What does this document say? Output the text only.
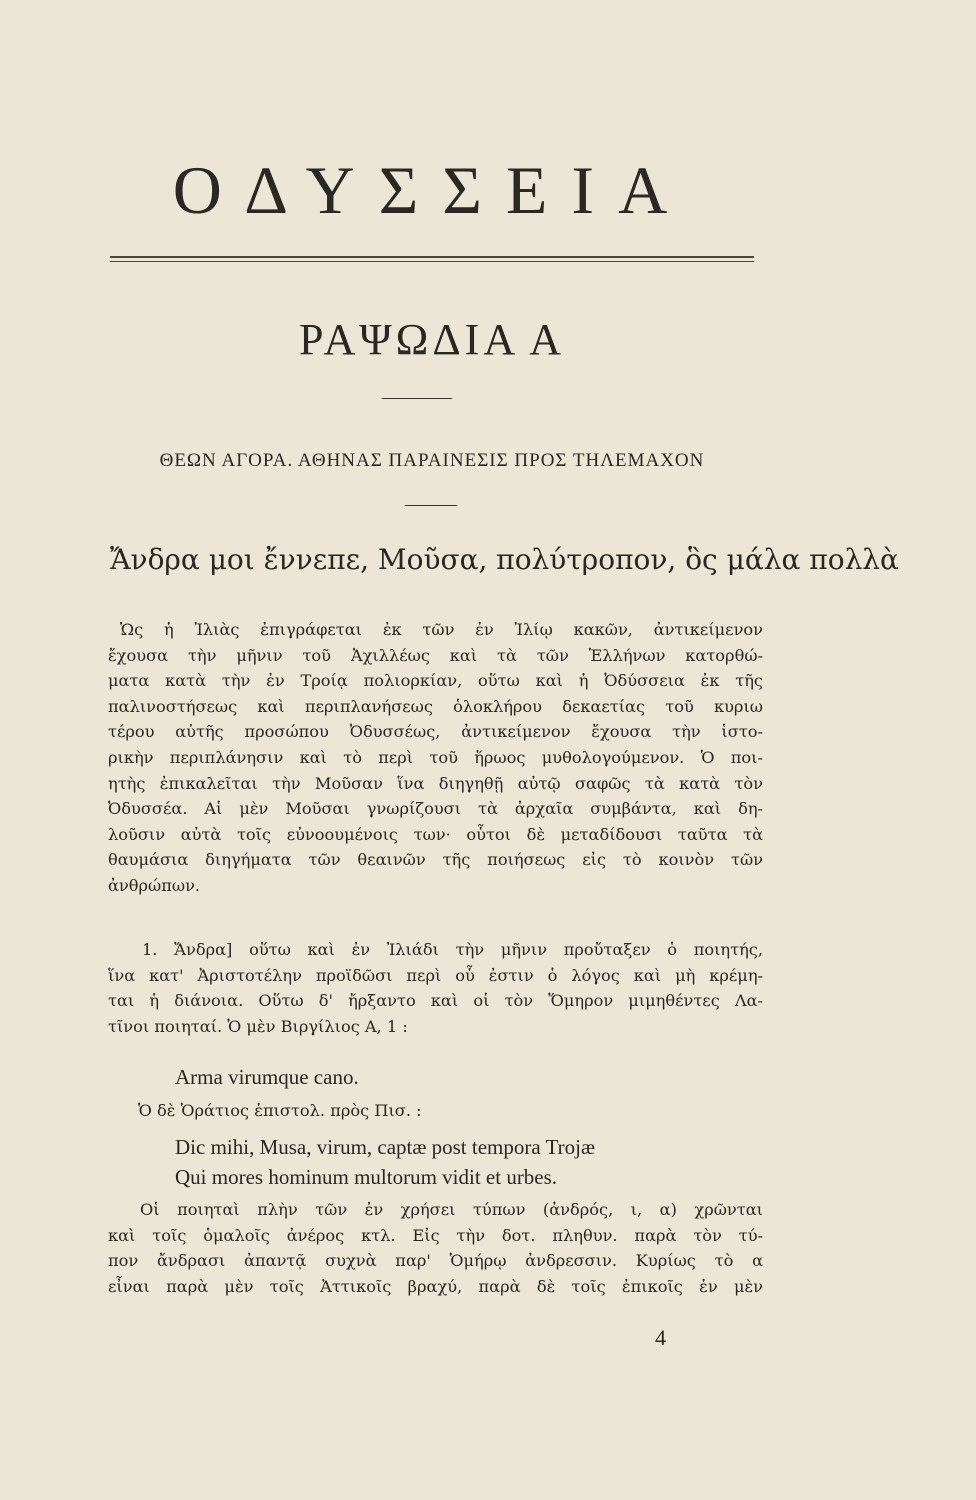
ΟΔΥΣΣΕΙΑ
ΡΑΨΩΔΙΑ Α
ΘΕΩΝ ΑΓΟΡΑ. ΑΘΗΝΑΣ ΠΑΡΑΙΝΕΣΙΣ ΠΡΟΣ ΤΗΛΕΜΑΧΟΝ
Ἄνδρα μοι ἔννεπε, Μοῦσα, πολύτροπον, ὃς μάλα πολλὰ
Ὡς ἡ Ἰλιὰς ἐπιγράφεται ἐκ τῶν ἐν Ἰλίῳ κακῶν, ἀντικείμενον
ἔχουσα τὴν μῆνιν τοῦ Ἀχιλλέως καὶ τὰ τῶν Ἑλλήνων κατορθώ-
ματα κατὰ τὴν ἐν Τροίᾳ πολιορκίαν, οὕτω καὶ ἡ Ὀδύσσεια ἐκ τῆς
παλινοστήσεως καὶ περιπλανήσεως ὁλοκλήρου δεκαετίας τοῦ κυριω
τέρου αὐτῆς προσώπου Ὀδυσσέως, ἀντικείμενον ἔχουσα τὴν ἱστο-
ρικὴν περιπλάνησιν καὶ τὸ περὶ τοῦ ἥρωος μυθολογούμενον. Ὁ ποι-
ητὴς ἐπικαλεῖται τὴν Μοῦσαν ἵνα διηγηθῇ αὐτῷ σαφῶς τὰ κατὰ τὸν
Ὀδυσσέα. Αἱ μὲν Μοῦσαι γνωρίζουσι τὰ ἀρχαῖα συμβάντα, καὶ δη-
λοῦσιν αὐτὰ τοῖς εὐνοουμένοις των· οὗτοι δὲ μεταδίδουσι ταῦτα τὰ
θαυμάσια διηγήματα τῶν θεαινῶν τῆς ποιήσεως εἰς τὸ κοινὸν τῶν
ἀνθρώπων.
1. Ἄνδρα] οὕτω καὶ ἐν Ἰλιάδι τὴν μῆνιν προὔταξεν ὁ ποιητής,
ἵνα κατ' Ἀριστοτέλην προϊδῶσι περὶ οὗ ἐστιν ὁ λόγος καὶ μὴ κρέμη-
ται ἡ διάνοια. Οὕτω δ' ἤρξαντο καὶ οἱ τὸν Ὅμηρον μιμηθέντες Λα-
τῖνοι ποιηταί. Ὁ μὲν Βιργίλιος Α, 1 :
Arma virumque cano.
Ὁ δὲ Ὁράτιος ἐπιστολ. πρὸς Πισ. :
Dic mihi, Musa, virum, captæ post tempora Trojæ
Qui mores hominum multorum vidit et urbes.
Οἱ ποιηταὶ πλὴν τῶν ἐν χρήσει τύπων (ἀνδρός, ι, α) χρῶνται
καὶ τοῖς ὁμαλοῖς ἀνέρος κτλ. Εἰς τὴν δοτ. πληθυν. παρὰ τὸν τύ-
πον ἄνδρασι ἀπαντᾷ συχνὰ παρ' Ὁμήρῳ ἀνδρεσσιν. Κυρίως τὸ α
εἶναι παρὰ μὲν τοῖς Ἀττικοῖς βραχύ, παρὰ δὲ τοῖς ἐπικοῖς ἐν μὲν
4
